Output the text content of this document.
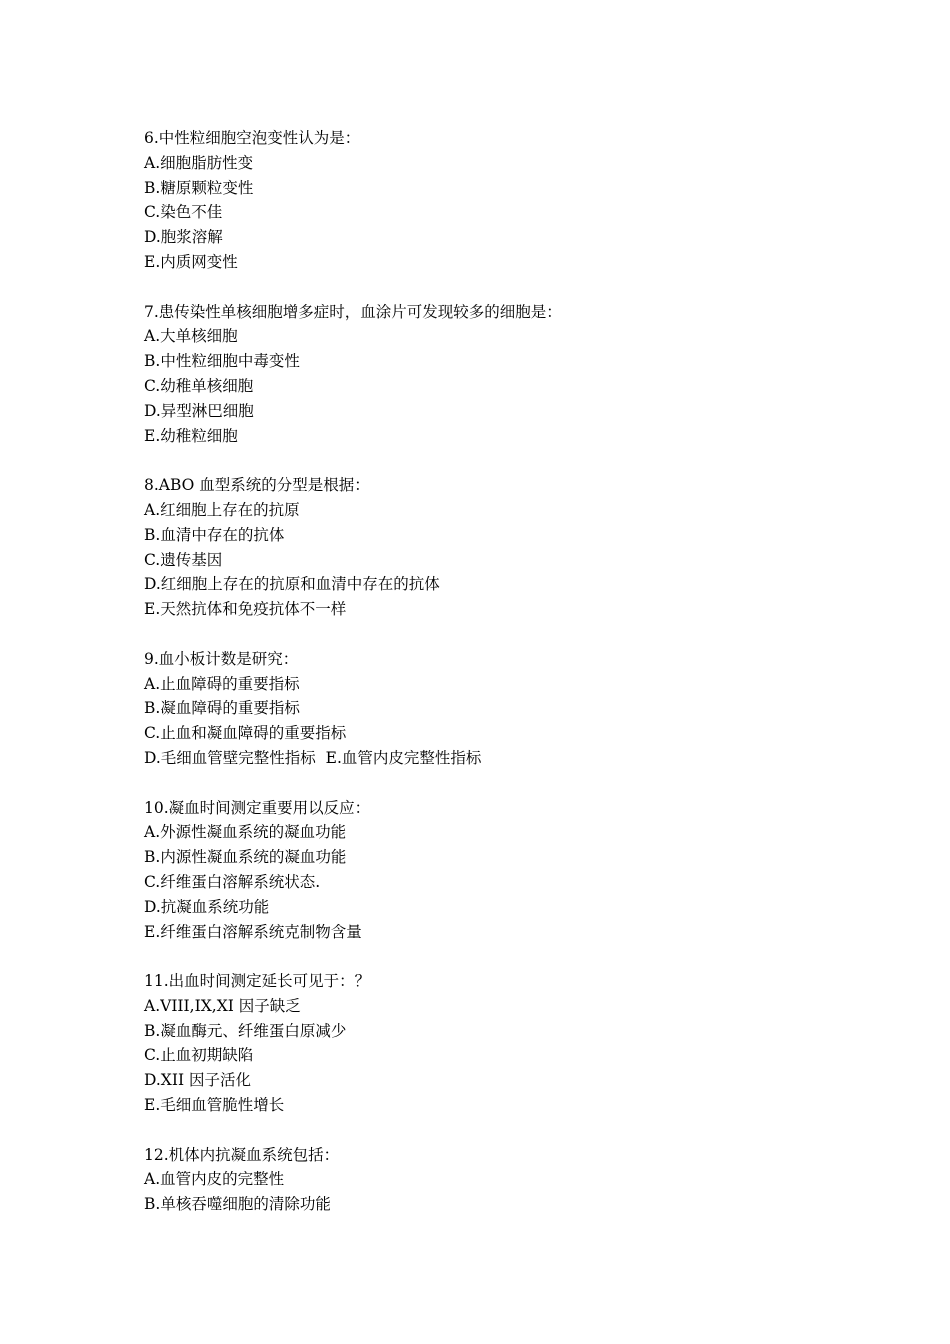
6.中性粒细胞空泡变性认为是：
A.细胞脂肪性变
B.糖原颗粒变性
C.染色不佳
D.胞浆溶解
E.内质网变性
7.患传染性单核细胞增多症时，血涂片可发现较多的细胞是：
A.大单核细胞
B.中性粒细胞中毒变性
C.幼稚单核细胞
D.异型淋巴细胞
E.幼稚粒细胞
8.ABO 血型系统的分型是根据：
A.红细胞上存在的抗原
B.血清中存在的抗体
C.遗传基因
D.红细胞上存在的抗原和血清中存在的抗体
E.天然抗体和免疫抗体不一样
9.血小板计数是研究：
A.止血障碍的重要指标
B.凝血障碍的重要指标
C.止血和凝血障碍的重要指标
D.毛细血管壁完整性指标  E.血管内皮完整性指标
10.凝血时间测定重要用以反应：
A.外源性凝血系统的凝血功能
B.内源性凝血系统的凝血功能
C.纤维蛋白溶解系统状态.
D.抗凝血系统功能
E.纤维蛋白溶解系统克制物含量
11.出血时间测定延长可见于：？
A.VIII,IX,XI 因子缺乏
B.凝血酶元、纤维蛋白原减少
C.止血初期缺陷
D.XII 因子活化
E.毛细血管脆性增长
12.机体内抗凝血系统包括：
A.血管内皮的完整性
B.单核吞噬细胞的清除功能
